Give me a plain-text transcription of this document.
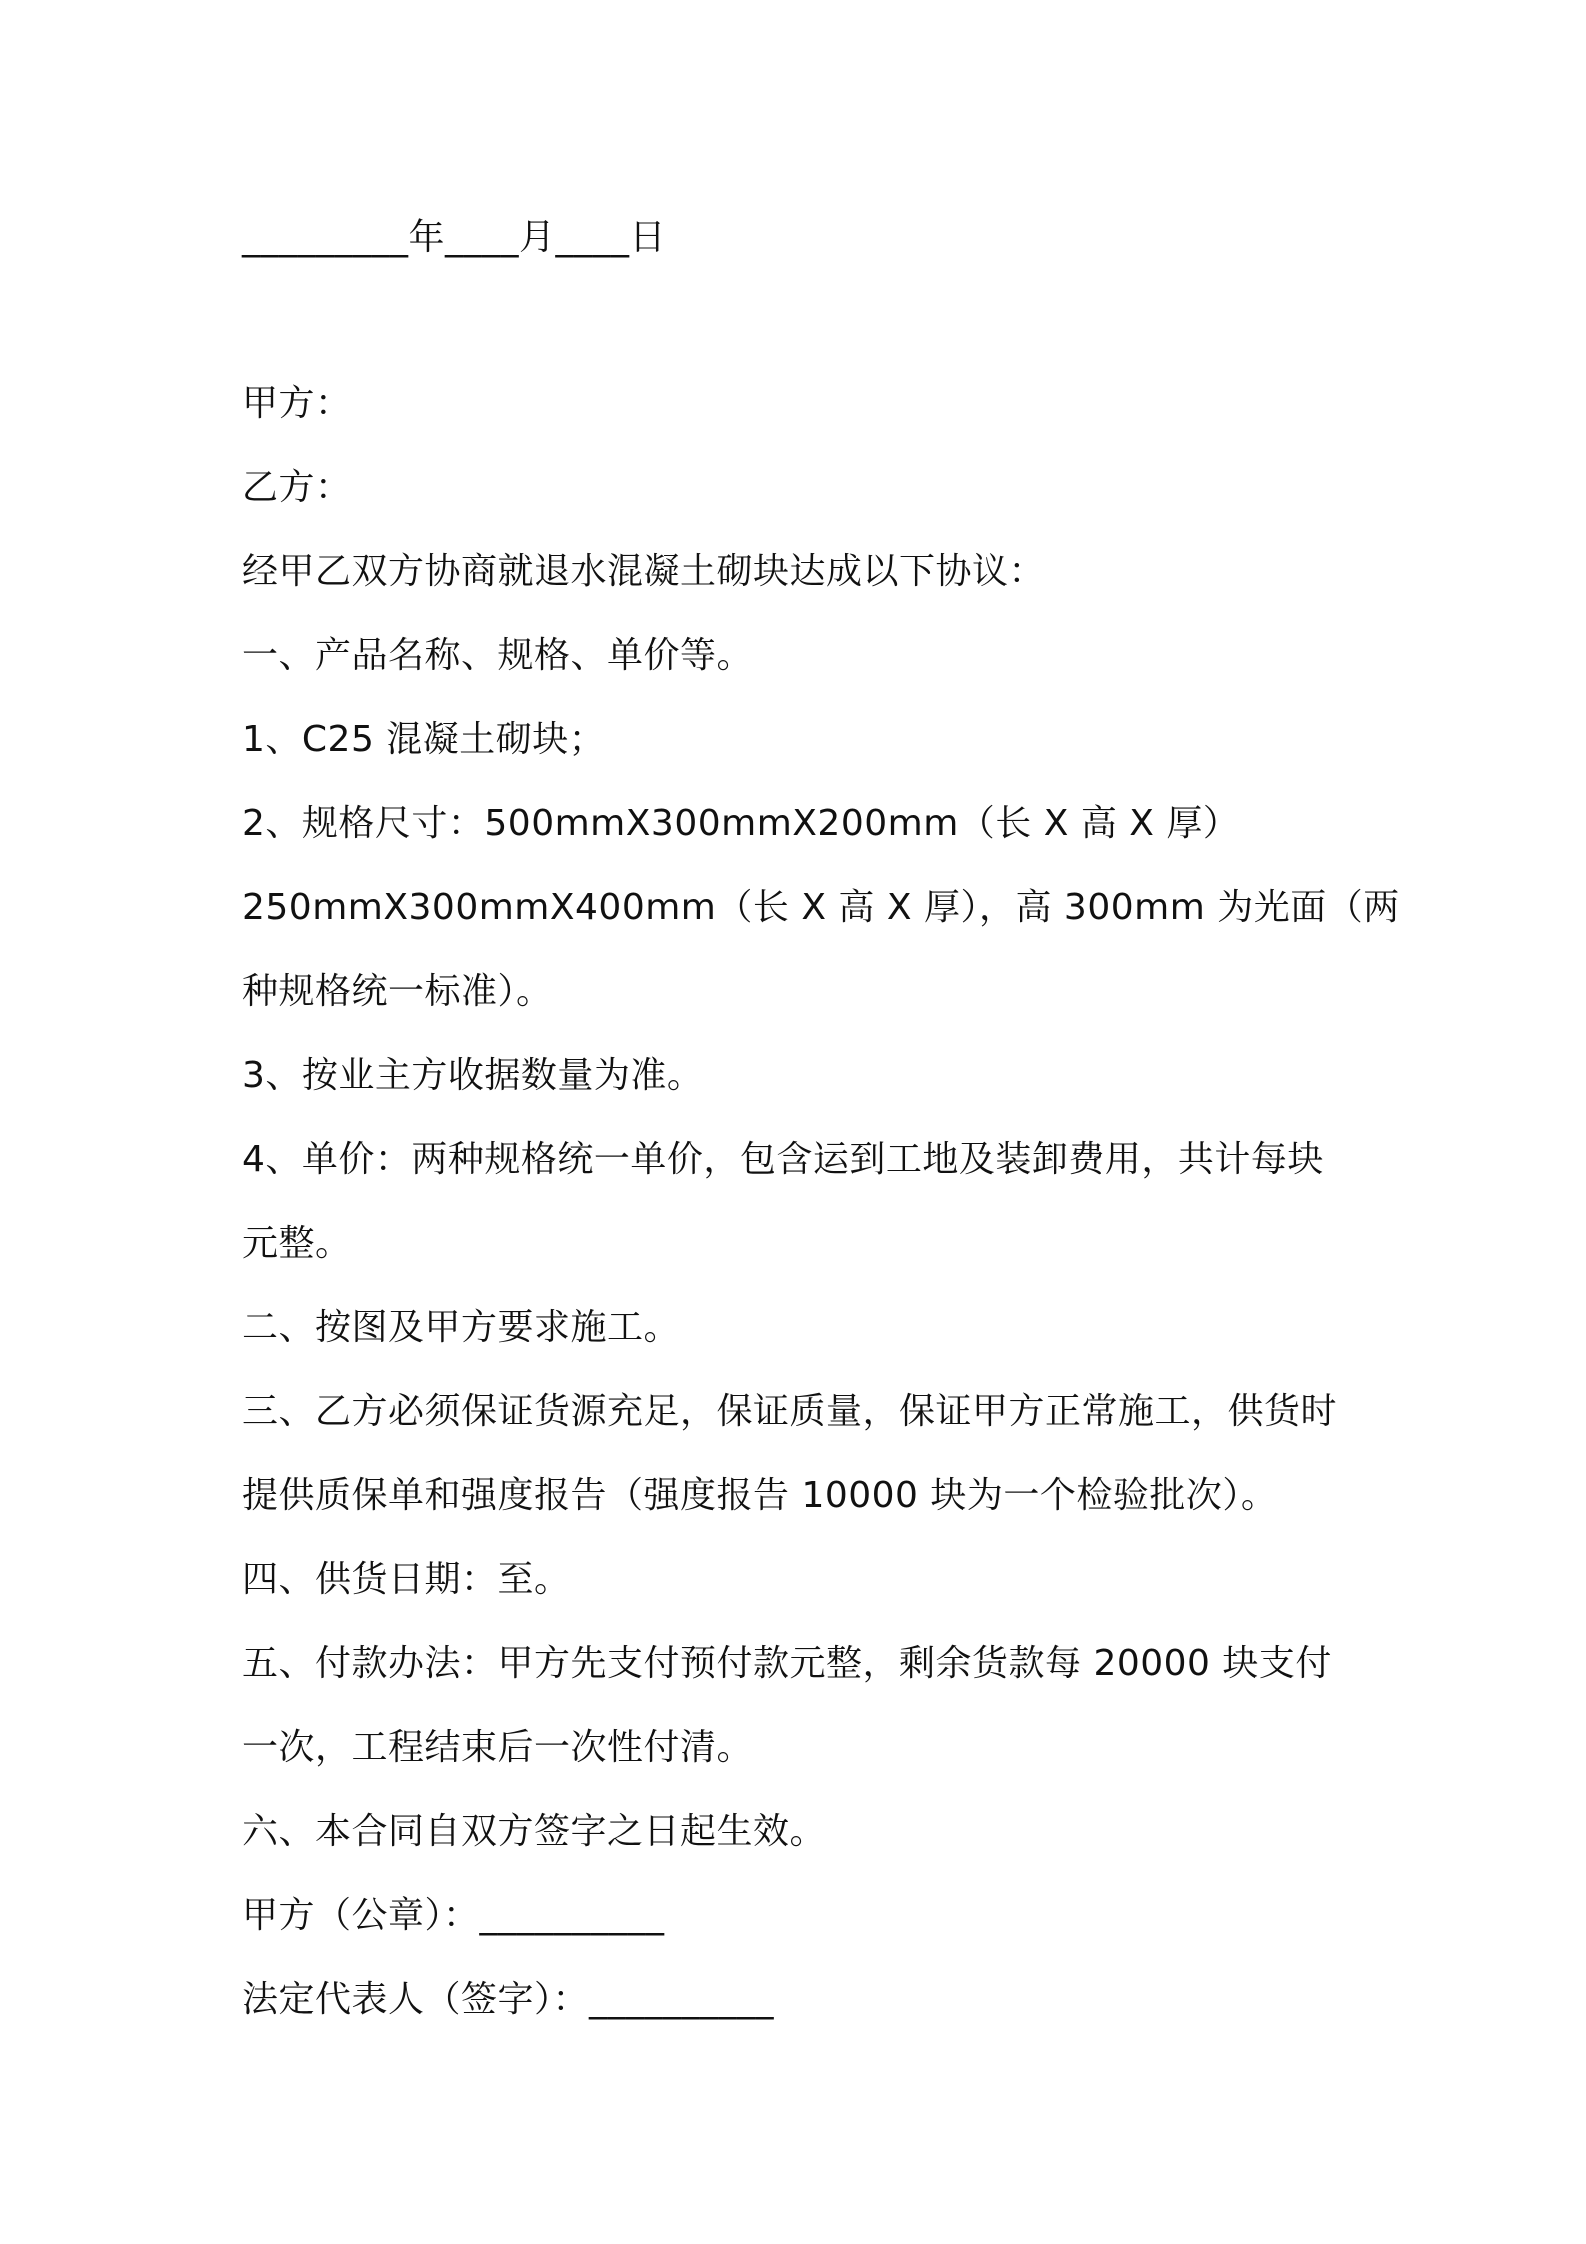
_________年____月____日
甲方：
乙方：
经甲乙双方协商就退水混凝土砌块达成以下协议：
一、产品名称、规格、单价等。
1、C25 混凝土砌块；
2、规格尺寸：500mmX300mmX200mm（长 X 高 X 厚）
250mmX300mmX400mm（长 X 高 X 厚），高 300mm 为光面（两
种规格统一标准）。
3、按业主方收据数量为准。
4、单价：两种规格统一单价，包含运到工地及装卸费用，共计每块
元整。
二、按图及甲方要求施工。
三、乙方必须保证货源充足，保证质量，保证甲方正常施工，供货时
提供质保单和强度报告（强度报告 10000 块为一个检验批次）。
四、供货日期：至。
五、付款办法：甲方先支付预付款元整，剩余货款每 20000 块支付
一次，工程结束后一次性付清。
六、本合同自双方签字之日起生效。
甲方（公章）：__________
法定代表人（签字）：__________
